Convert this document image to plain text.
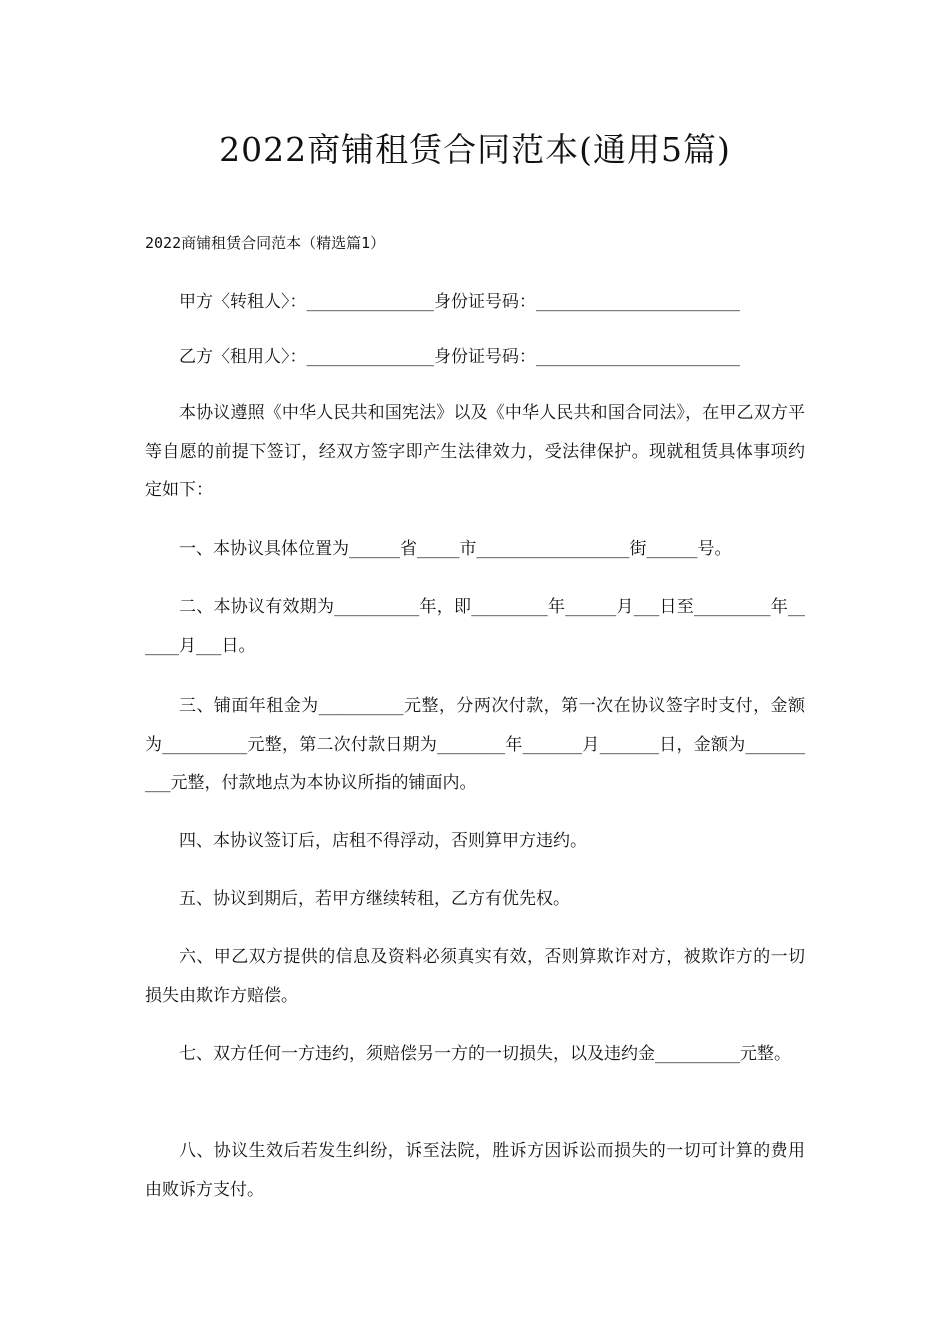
2022商铺租赁合同范本(通用5篇)
2022商铺租赁合同范本（精选篇1）

甲方〈转租人〉：_______________身份证号码：________________________

乙方〈租用人〉：_______________身份证号码：________________________

本协议遵照《中华人民共和国宪法》以及《中华人民共和国合同法》，在甲乙双方平等自愿的前提下签订，经双方签字即产生法律效力，受法律保护。现就租赁具体事项约定如下：

一、本协议具体位置为______省_____市__________________街______号。

二、本协议有效期为__________年，即_________年______月___日至_________年______月___日。

三、铺面年租金为__________元整，分两次付款，第一次在协议签字时支付，金额为__________元整，第二次付款日期为________年_______月_______日，金额为__________元整，付款地点为本协议所指的铺面内。

四、本协议签订后，店租不得浮动，否则算甲方违约。

五、协议到期后，若甲方继续转租，乙方有优先权。

六、甲乙双方提供的信息及资料必须真实有效，否则算欺诈对方，被欺诈方的一切损失由欺诈方赔偿。

七、双方任何一方违约，须赔偿另一方的一切损失，以及违约金__________元整。

八、协议生效后若发生纠纷，诉至法院，胜诉方因诉讼而损失的一切可计算的费用由败诉方支付。
